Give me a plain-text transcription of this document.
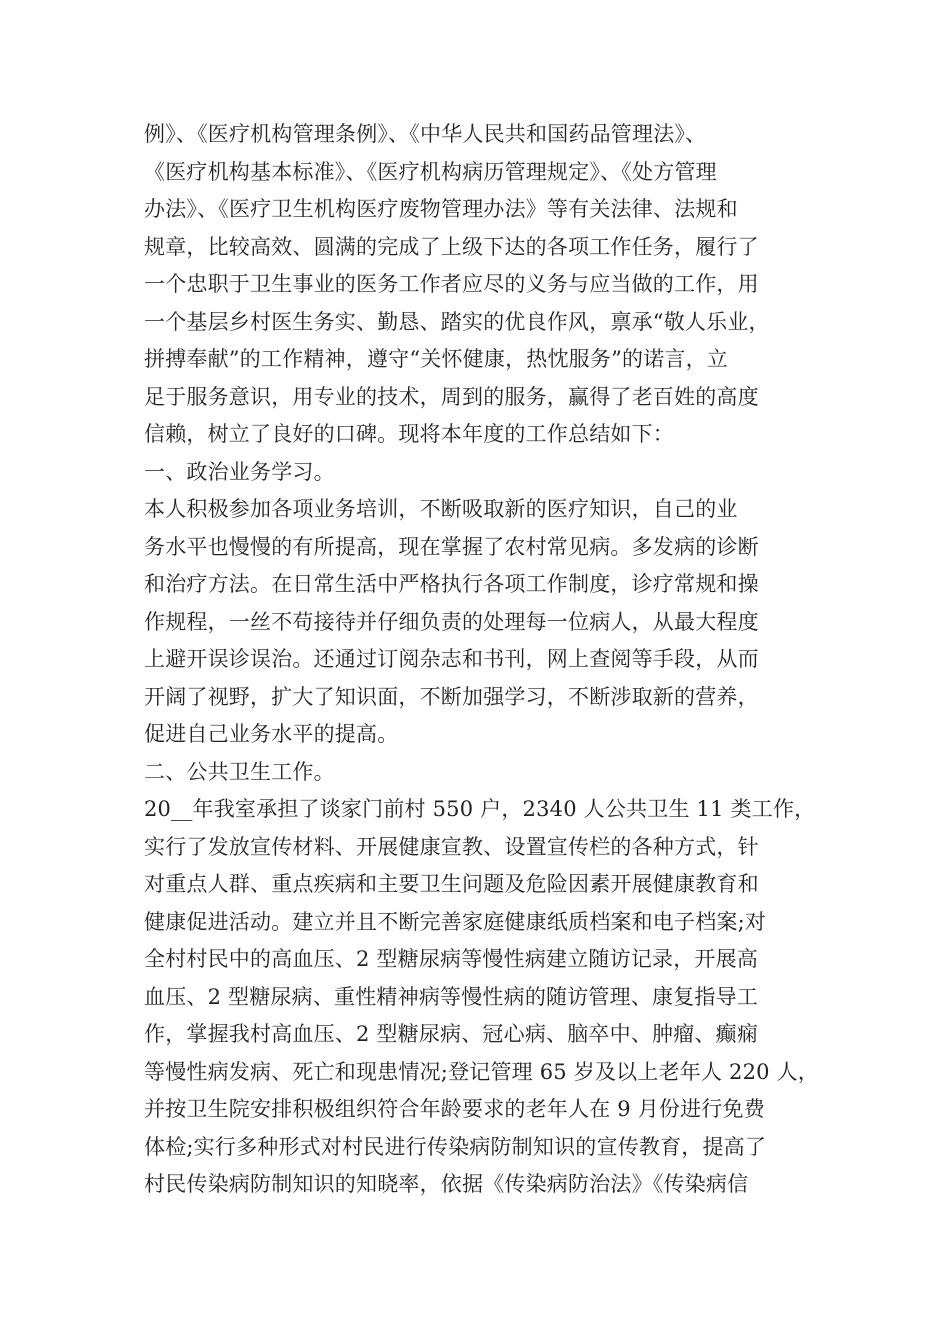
例》、《医疗机构管理条例》、《中华人民共和国药品管理法》、
《医疗机构基本标准》、《医疗机构病历管理规定》、《处方管理
办法》、《医疗卫生机构医疗废物管理办法》等有关法律、法规和
规章，比较高效、圆满的完成了上级下达的各项工作任务，履行了
一个忠职于卫生事业的医务工作者应尽的义务与应当做的工作，用
一个基层乡村医生务实、勤恳、踏实的优良作风，禀承“敬人乐业，
拼搏奉献”的工作精神，遵守“关怀健康，热忱服务”的诺言，立
足于服务意识，用专业的技术，周到的服务，赢得了老百姓的高度
信赖，树立了良好的口碑。现将本年度的工作总结如下：
一、政治业务学习。
本人积极参加各项业务培训，不断吸取新的医疗知识，自己的业
务水平也慢慢的有所提高，现在掌握了农村常见病。多发病的诊断
和治疗方法。在日常生活中严格执行各项工作制度，诊疗常规和操
作规程，一丝不苟接待并仔细负责的处理每一位病人，从最大程度
上避开误诊误治。还通过订阅杂志和书刊，网上查阅等手段，从而
开阔了视野，扩大了知识面，不断加强学习，不断涉取新的营养，
促进自己业务水平的提高。
二、公共卫生工作。
20__年我室承担了谈家门前村 550 户，2340 人公共卫生 11 类工作，
实行了发放宣传材料、开展健康宣教、设置宣传栏的各种方式，针
对重点人群、重点疾病和主要卫生问题及危险因素开展健康教育和
健康促进活动。建立并且不断完善家庭健康纸质档案和电子档案;对
全村村民中的高血压、2 型糖尿病等慢性病建立随访记录，开展高
血压、2 型糖尿病、重性精神病等慢性病的随访管理、康复指导工
作，掌握我村高血压、2 型糖尿病、冠心病、脑卒中、肿瘤、癫痫
等慢性病发病、死亡和现患情况;登记管理 65 岁及以上老年人 220 人，
并按卫生院安排积极组织符合年龄要求的老年人在 9 月份进行免费
体检;实行多种形式对村民进行传染病防制知识的宣传教育，提高了
村民传染病防制知识的知晓率，依据《传染病防治法》《传染病信
